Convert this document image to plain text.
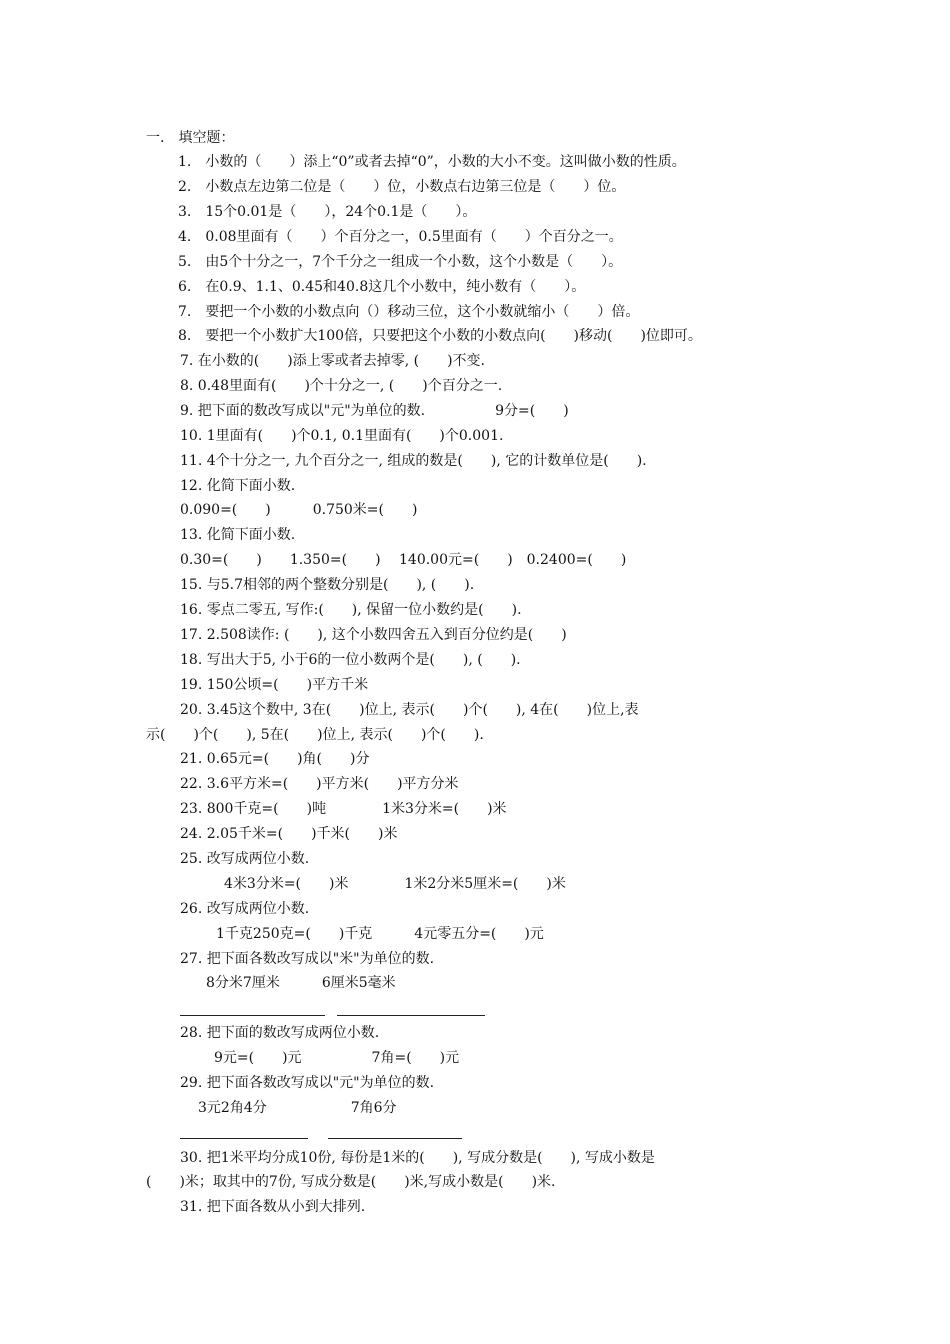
一.　填空题：
1.　小数的（　　）添上“0”或者去掉“0”，小数的大小不变。这叫做小数的性质。
2.　小数点左边第二位是（　　）位，小数点右边第三位是（　　）位。
3.　15个0.01是（　　），24个0.1是（　　）。
4.　0.08里面有（　　）个百分之一，0.5里面有（　　）个百分之一。
5.　由5个十分之一，7个千分之一组成一个小数，这个小数是（　　）。
6.　在0.9、1.1、0.45和40.8这几个小数中，纯小数有（　　）。
7.　要把一个小数的小数点向（）移动三位，这个小数就缩小（　　）倍。
8.　要把一个小数扩大100倍，只要把这个小数的小数点向(　　)移动(　　)位即可。
7. 在小数的(　　)添上零或者去掉零, (　　)不变.
8. 0.48里面有(　　)个十分之一, (　　)个百分之一.
9. 把下面的数改写成以"元"为单位的数.　　　　　9分=(　　)
10. 1里面有(　　)个0.1, 0.1里面有(　　)个0.001.
11. 4个十分之一, 九个百分之一, 组成的数是(　　), 它的计数单位是(　　).
12. 化简下面小数.
0.090=(　　)　　　0.750米=(　　)
13. 化简下面小数.
0.30=(　　)　　1.350=(　　)　 140.00元=(　　)　0.2400=(　　)
15. 与5.7相邻的两个整数分别是(　　), (　　).
16. 零点二零五, 写作:(　　), 保留一位小数约是(　　).
17. 2.508读作: (　　), 这个小数四舍五入到百分位约是(　　)
18. 写出大于5, 小于6的一位小数两个是(　　), (　　).
19. 150公顷=(　　)平方千米
20. 3.45这个数中, 3在(　　)位上, 表示(　　)个(　　), 4在(　　)位上,表
示(　　)个(　　), 5在(　　)位上, 表示(　　)个(　　).
21. 0.65元=(　　)角(　　)分
22. 3.6平方米=(　　)平方米(　　)平方分米
23. 800千克=(　　)吨　　　　1米3分米=(　　)米
24. 2.05千米=(　　)千米(　　)米
25. 改写成两位小数.
4米3分米=(　　)米　　　　1米2分米5厘米=(　　)米
26. 改写成两位小数.
1千克250克=(　　)千克　　　4元零五分=(　　)元
27. 把下面各数改写成以"米"为单位的数.
8分米7厘米　　　6厘米5毫米
28. 把下面的数改写成两位小数.
9元=(　　)元　　　　　7角=(　　)元
29. 把下面各数改写成以"元"为单位的数.
3元2角4分　　　　　　7角6分
30. 把1米平均分成10份, 每份是1米的(　　), 写成分数是(　　), 写成小数是
(　　)米；取其中的7份, 写成分数是(　　)米,写成小数是(　　)米.
31. 把下面各数从小到大排列.
